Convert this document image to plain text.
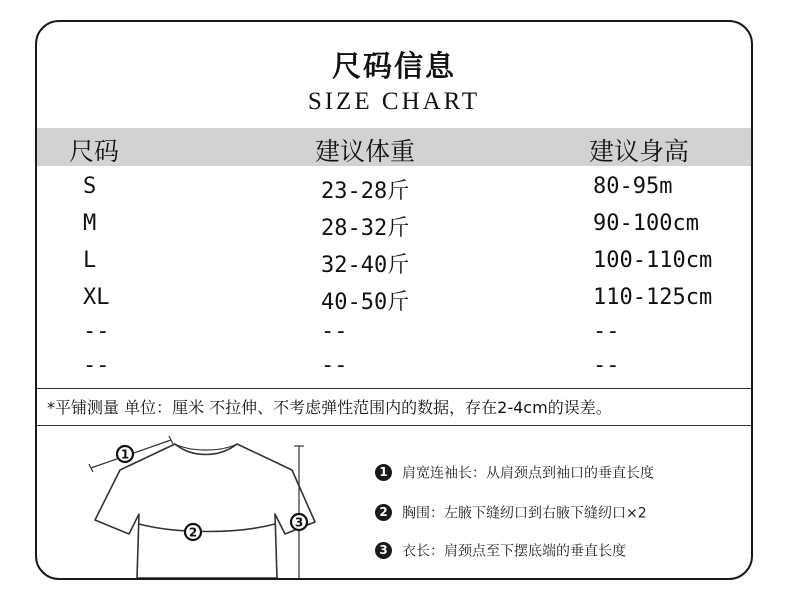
尺码信息
SIZE CHART
尺码	建议体重	建议身高
S	23-28斤	80-95m
M	28-32斤	90-100cm
L	32-40斤	100-110cm
XL	40-50斤	110-125cm
--	--	--
--	--	--
*平铺测量 单位：厘米 不拉伸、不考虑弹性范围内的数据，存在2-4cm的误差。
1
2
3
1 肩宽连袖长：从肩颈点到袖口的垂直长度
2 胸围：左腋下缝纫口到右腋下缝纫口×2
3 衣长：肩颈点至下摆底端的垂直长度
